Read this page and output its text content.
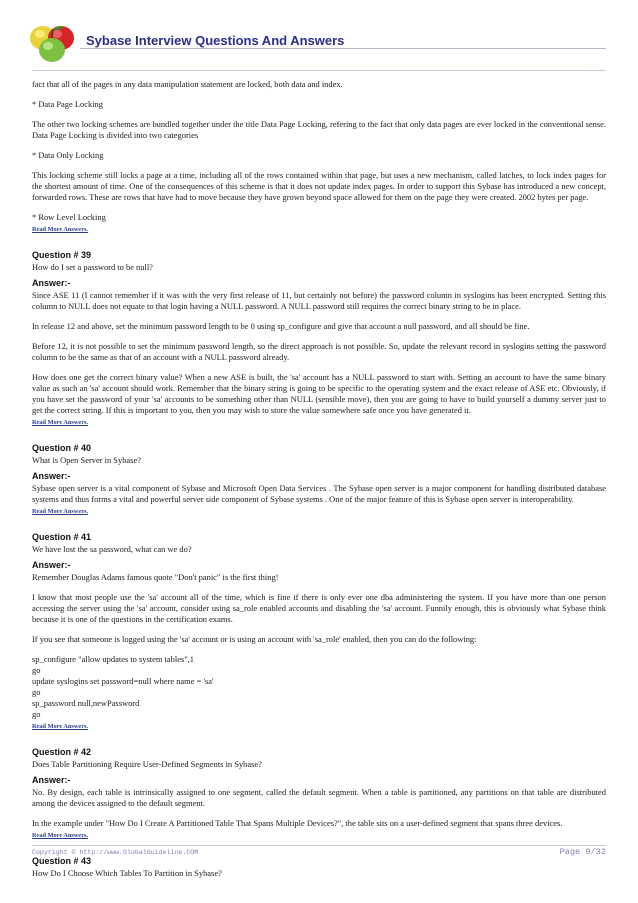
Sybase Interview Questions And Answers

fact that all of the pages in any data manipulation statement are locked, both data and index.

* Data Page Locking

The other two locking schemes are bundled together under the title Data Page Locking, refering to the fact that only data pages are ever locked in the conventional sense. Data Page Locking is divided into two categories

* Data Only Locking

This locking scheme still locks a page at a time, including all of the rows contained within that page, but uses a new mechanism, called latches, to lock index pages for the shortest amount of time. One of the consequences of this scheme is that it does not update index pages. In order to support this Sybase has introduced a new concept, forwarded rows. These are rows that have had to move because they have grown beyond space allowed for them on the page they were created. 2002 bytes per page.

* Row Level Locking

Read More Answers.
Question # 39
How do I set a password to be null?
Answer:-

Since ASE 11 (I cannot remember if it was with the very first release of 11, but certainly not before) the password column in syslogins has been encrypted. Setting this column to NULL does not equate to that login having a NULL password. A NULL password still requires the correct binary string to be in place.

In release 12 and above, set the minimum password length to be 0 using sp_configure and give that account a null password, and all should be fine.

Before 12, it is not possible to set the minimum password length, so the direct approach is not possible. So, update the relevant record in syslogins setting the password column to be the same as that of an account with a NULL password already.

How does one get the correct binary value? When a new ASE is built, the 'sa' account has a NULL password to start with. Setting an account to have the same binary value as such an 'sa' account should work. Remember that the binary string is going to be specific to the operating system and the exact release of ASE etc. Obviously, if you have set the password of your 'sa' accounts to be something other than NULL (sensible move), then you are going to have to build yourself a dummy server just to get the correct string. If this is important to you, then you may wish to store the value somewhere safe once you have generated it.

Read More Answers.
Question # 40
What is Open Server in Sybase?
Answer:-

Sybase open server is a vital component of Sybase and Microsoft Open Data Services . The Sybase open server is a major component for handling distributed database systems and thus forms a vital and powerful server side component of Sybase systems . One of the major feature of this is Sybase open server is interoperability.

Read More Answers.
Question # 41
We have lost the sa password, what can we do?
Answer:-

Remember Douglas Adams famous quote "Don't panic" is the first thing!

I know that most people use the 'sa' account all of the time, which is fine if there is only ever one dba administering the system. If you have more than one person accessing the server using the 'sa' account, consider using sa_role enabled accounts and disabling the 'sa' account. Funnily enough, this is obviously what Sybase think because it is one of the questions in the certification exams.

If you see that someone is logged using the 'sa' account or is using an account with 'sa_role' enabled, then you can do the following:

sp_configure "allow updates to system tables",1
go
update syslogins set password=null where name = 'sa'
go
sp_password null,newPassword
go
Read More Answers.
Question # 42
Does Table Partitioning Require User-Defined Segments in Sybase?
Answer:-

No. By design, each table is intrinsically assigned to one segment, called the default segment. When a table is partitioned, any partitions on that table are distributed among the devices assigned to the default segment.

In the example under "How Do I Create A Partitioned Table That Spans Multiple Devices?", the table sits on a user-defined segment that spans three devices.

Read More Answers.
Question # 43
How Do I Choose Which Tables To Partition in Sybase?
Copyright © http://www.GlobalGuideline.COM	Page 9/32
